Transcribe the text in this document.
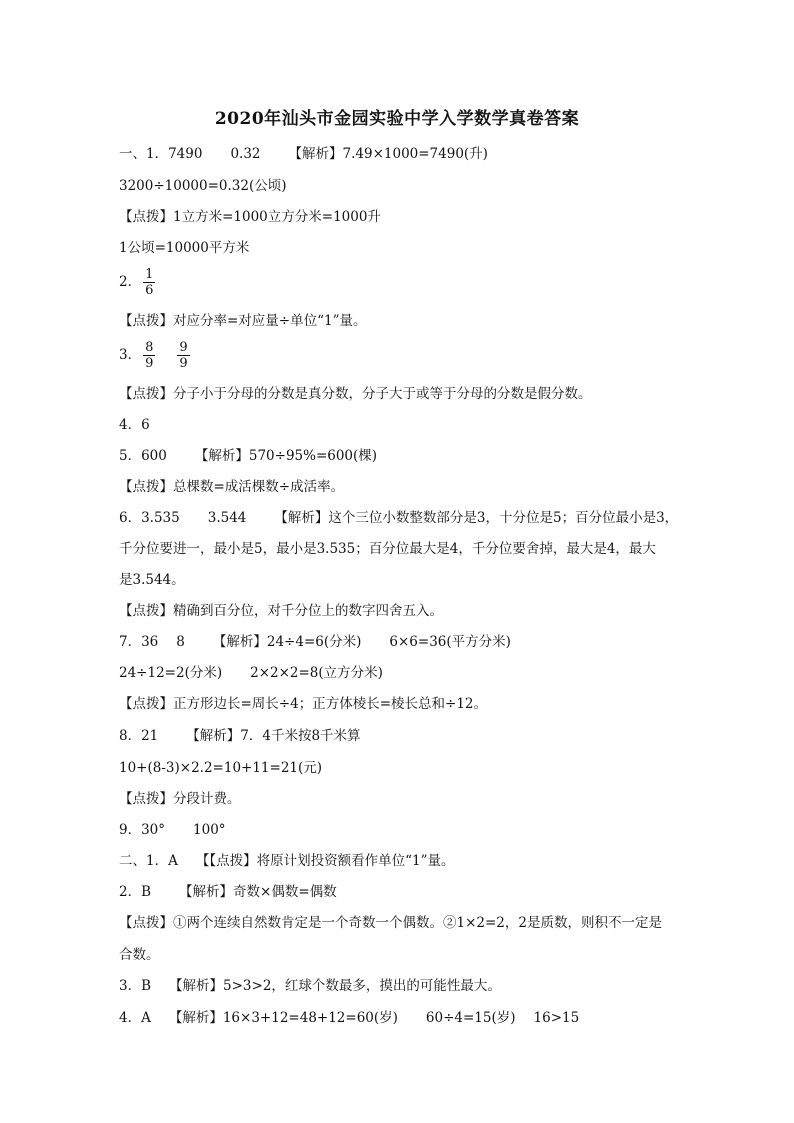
2020年汕头市金园实验中学入学数学真卷答案
一、1．7490 0.32 【解析】7.49×1000=7490(升)
3200÷10000=0.32(公顷)
【点拨】1立方米=1000立方分米=1000升
1公顷=10000平方米
2． $\frac{1}{6}$
【点拨】对应分率=对应量÷单位“1”量。
3． $\frac{8}{9} \frac{9}{9}$
【点拨】分子小于分母的分数是真分数，分子大于或等于分母的分数是假分数。
4．6
5．600 【解析】570÷95%=600(棵)
【点拨】总棵数=成活棵数÷成活率。
6．3.535 3.544 【解析】这个三位小数整数部分是3，十分位是5；百分位最小是3，
千分位要进一，最小是5，最小是3.535；百分位最大是4，千分位要舍掉，最大是4，最大
是3.544。
【点拨】精确到百分位，对千分位上的数字四舍五入。
7．36 8 【解析】24÷4=6(分米) 6×6=36(平方分米)
24÷12=2(分米) 2×2×2=8(立方分米)
【点拨】正方形边长=周长÷4；正方体棱长=棱长总和÷12。
8．21 【解析】7．4千米按8千米算
10+(8-3)×2.2=10+11=21(元)
【点拨】分段计费。
9．30° 100°
二、1．A 【【点拨】将原计划投资额看作单位“1”量。
2．B 【解析】奇数×偶数=偶数
【点拨】①两个连续自然数肯定是一个奇数一个偶数。②1×2=2，2是质数，则积不一定是
合数。
3．B 【解析】5>3>2，红球个数最多，摸出的可能性最大。
4．A 【解析】16×3+12=48+12=60(岁) 60÷4=15(岁) 16>15
